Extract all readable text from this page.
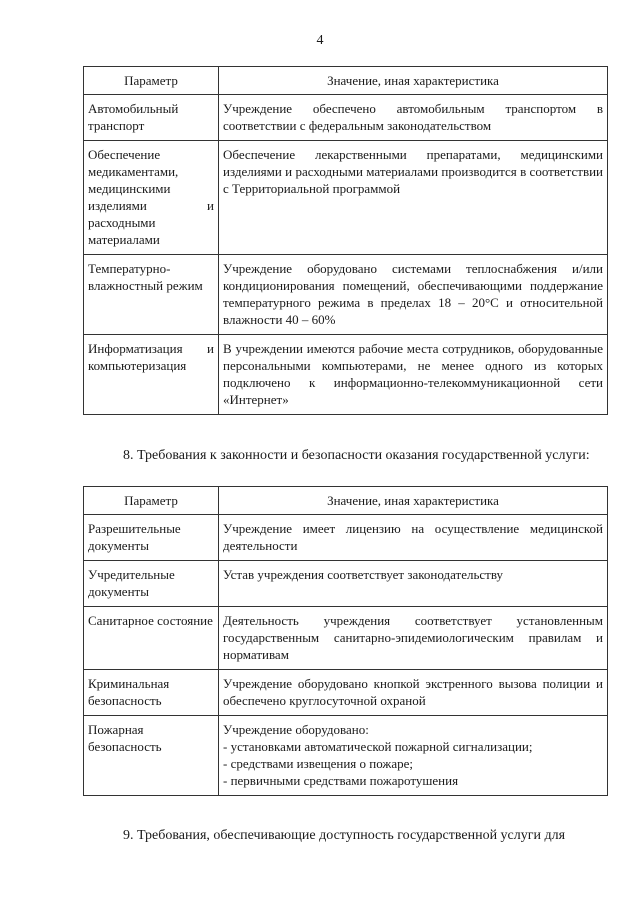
4
Параметр	Значение, иная характеристика
Автомобильный транспорт	Учреждение обеспечено автомобильным транспортом в соответствии с федеральным законодательством
Обеспечение медикаментами, медицинскими изделиями и расходными материалами	Обеспечение лекарственными препаратами, медицинскими изделиями и расходными материалами производится в соответствии с Территориальной программой
Температурно-влажностный режим	Учреждение оборудовано системами теплоснабжения и/или кондиционирования помещений, обеспечивающими поддержание температурного режима в пределах 18 – 20°С и относительной влажности 40 – 60%
Информатизация и компьютеризация	В учреждении имеются рабочие места сотрудников, оборудованные персональными компьютерами, не менее одного из которых подключено к информационно-телекоммуникационной сети «Интернет»

8. Требования к законности и безопасности оказания государственной услуги:

Параметр	Значение, иная характеристика
Разрешительные документы	Учреждение имеет лицензию на осуществление медицинской деятельности
Учредительные документы	Устав учреждения соответствует законодательству
Санитарное состояние	Деятельность учреждения соответствует установленным государственным санитарно-эпидемиологическим правилам и нормативам
Криминальная безопасность	Учреждение оборудовано кнопкой экстренного вызова полиции и обеспечено круглосуточной охраной
Пожарная безопасность	Учреждение оборудовано:
- установками автоматической пожарной сигнализации;
- средствами извещения о пожаре;
- первичными средствами пожаротушения

9. Требования, обеспечивающие доступность государственной услуги для
